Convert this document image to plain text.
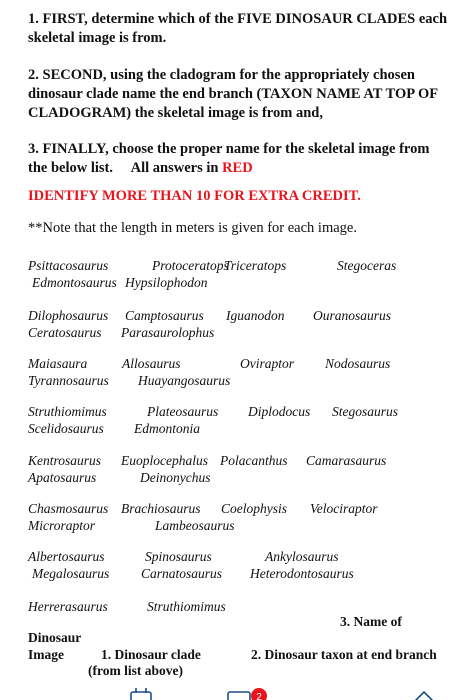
1. FIRST, determine which of the FIVE DINOSAUR CLADES each skeletal image is from.
2. SECOND, using the cladogram for the appropriately chosen dinosaur clade name the end branch (TAXON NAME AT TOP OF CLADOGRAM) the skeletal image is from and,
3. FINALLY, choose the proper name for the skeletal image from the below list. All answers in RED
IDENTIFY MORE THAN 10 FOR EXTRA CREDIT.
**Note that the length in meters is given for each image.
Psittacosaurus	Protoceratops
Triceratops	Stegoceras
Edmontosaurus Hypsilophodon
Dilophosaurus Camptosaurus Iguanodon Ouranosaurus
Ceratosaurus Parasaurolophus
Maiasaura	Allosaurus	Oviraptor Nodosaurus
Tyrannosaurus Huayangosaurus
Struthiomimus	Plateosaurus Diplodocus Stegosaurus
Scelidosaurus Edmontonia
Kentrosaurus Euoplocephalus Polacanthus Camarasaurus
Apatosaurus	Deinonychus
Chasmosaurus Brachiosaurus Coelophysis Velociraptor
Microraptor	Lambeosaurus
Albertosaurus	Spinosaurus	Ankylosaurus
Megalosaurus Carnatosaurus Heterodontosaurus
Herrerasaurus	Struthiomimus
3. Name of
Dinosaur
Image	1. Dinosaur clade
(from list above)
2. Dinosaur taxon at end branch
2
